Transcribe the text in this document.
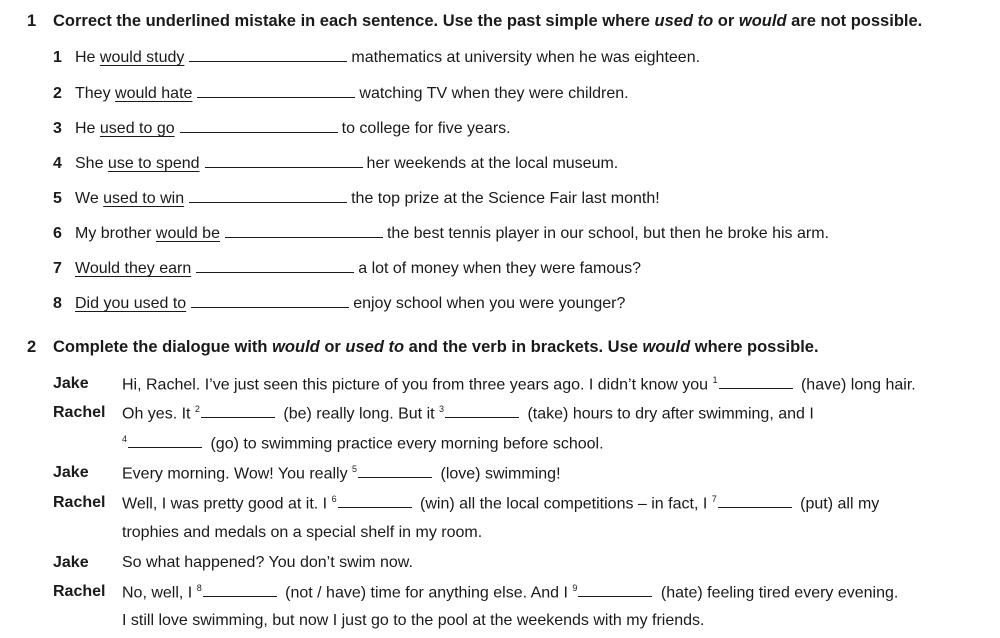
1 Correct the underlined mistake in each sentence. Use the past simple where used to or would are not possible.
1 He would study	mathematics at university when he was eighteen.
2 They would hate	watching TV when they were children.
3 He used to go	to college for five years.
4 She use to spend	her weekends at the local museum.
5 We used to win	the top prize at the Science Fair last month!
6 My brother would be	the best tennis player in our school, but then he broke his arm.
7 Would they earn	a lot of money when they were famous?
8 Did you used to	enjoy school when you were younger?
2 Complete the dialogue with would or used to and the verb in brackets. Use would where possible.
Jake Hi, Rachel. I’ve just seen this picture of you from three years ago. I didn’t know you $^1$	(have) long hair.
Rachel Oh yes. It $^2$	(be) really long. But it $^3$	(take) hours to dry after swimming, and I
$^4$	(go) to swimming practice every morning before school.
Jake Every morning. Wow! You really $^5$	(love) swimming!
Rachel Well, I was pretty good at it. I $^6$	(win) all the local competitions – in fact, I $^7$	(put) all my
trophies and medals on a special shelf in my room.
Jake So what happened? You don’t swim now.
Rachel No, well, I $^8$	(not / have) time for anything else. And I $^9$	(hate) feeling tired every evening.
I still love swimming, but now I just go to the pool at the weekends with my friends.
